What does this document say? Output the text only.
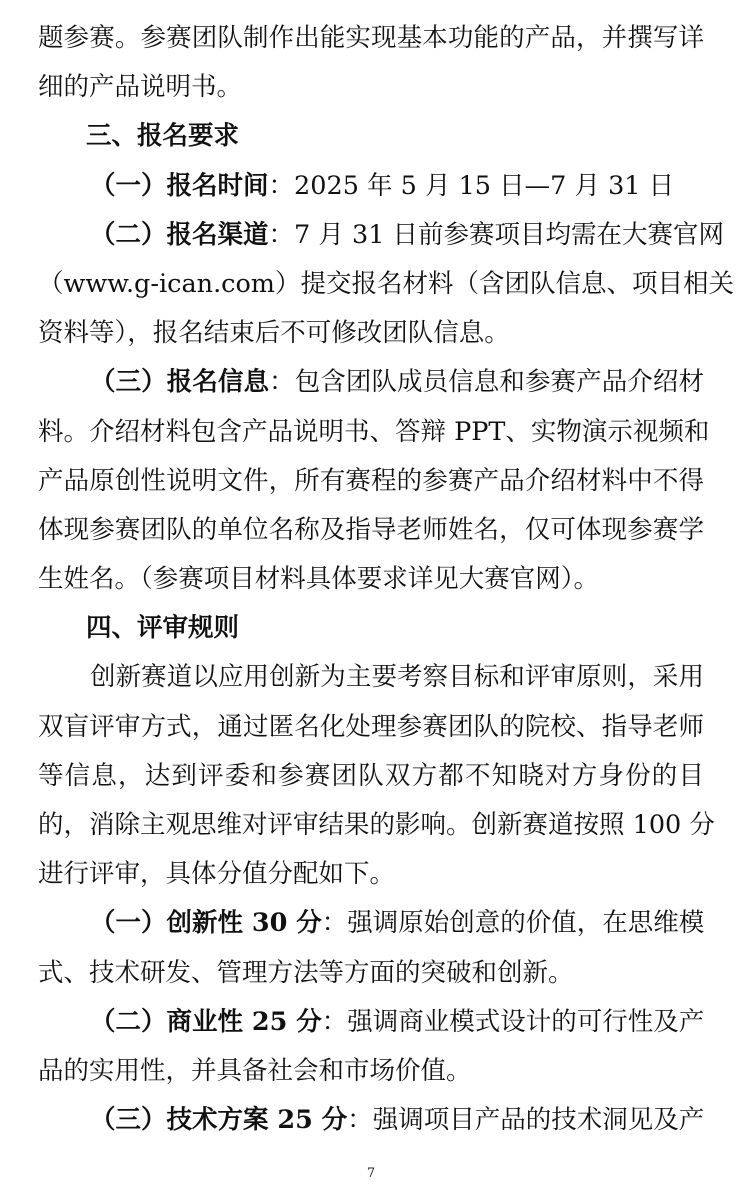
题参赛。参赛团队制作出能实现基本功能的产品，并撰写详
细的产品说明书。
三、报名要求
（一）报名时间：2025 年 5 月 15 日—7 月 31 日
（二）报名渠道：7 月 31 日前参赛项目均需在大赛官网
（www.g-ican.com）提交报名材料（含团队信息、项目相关
资料等），报名结束后不可修改团队信息。
（三）报名信息：包含团队成员信息和参赛产品介绍材
料。介绍材料包含产品说明书、答辩 PPT、实物演示视频和
产品原创性说明文件，所有赛程的参赛产品介绍材料中不得
体现参赛团队的单位名称及指导老师姓名，仅可体现参赛学
生姓名。（参赛项目材料具体要求详见大赛官网）。
四、评审规则
创新赛道以应用创新为主要考察目标和评审原则，采用
双盲评审方式，通过匿名化处理参赛团队的院校、指导老师
等信息，达到评委和参赛团队双方都不知晓对方身份的目
的，消除主观思维对评审结果的影响。创新赛道按照 100 分
进行评审，具体分值分配如下。
（一）创新性 30 分：强调原始创意的价值，在思维模
式、技术研发、管理方法等方面的突破和创新。
（二）商业性 25 分：强调商业模式设计的可行性及产
品的实用性，并具备社会和市场价值。
（三）技术方案 25 分：强调项目产品的技术洞见及产
7
